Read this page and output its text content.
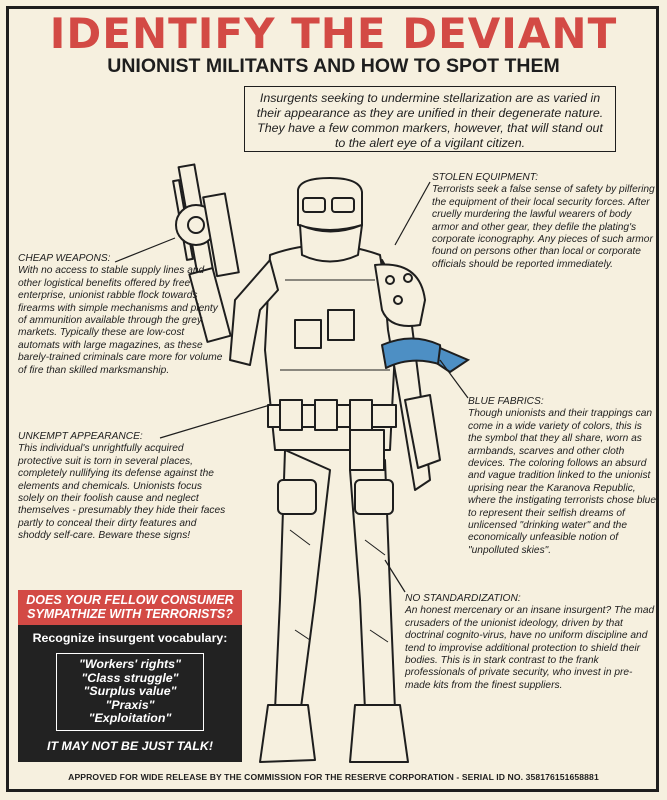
IDENTIFY THE DEVIANT
UNIONIST MILITANTS AND HOW TO SPOT THEM
Insurgents seeking to undermine stellarization are as varied in their appearance as they are unified in their degenerate nature. They have a few common markers, however, that will stand out to the alert eye of a vigilant citizen.
STOLEN EQUIPMENT:
Terrorists seek a false sense of safety by pilfering the equipment of their local security forces. After cruelly murdering the lawful wearers of body armor and other gear, they defile the plating's corporate iconography. Any pieces of such armor found on persons other than local or corporate officials should be reported immediately.
CHEAP WEAPONS:
With no access to stable supply lines and other logistical benefits offered by free enterprise, unionist rabble flock towards firearms with simple mechanisms and plenty of ammunition available through the grey markets. Typically these are low-cost automats with large magazines, as these barely-trained criminals care more for volume of fire than skilled marksmanship.
BLUE FABRICS:
Though unionists and their trappings can come in a wide variety of colors, this is the symbol that they all share, worn as armbands, scarves and other cloth devices. The coloring follows an absurd and vague tradition linked to the unionist uprising near the Karanova Republic, where the instigating terrorists chose blue to represent their selfish dreams of unlicensed "drinking water" and the economically unfeasible notion of "unpolluted skies".
UNKEMPT APPEARANCE:
This individual's unrightfully acquired protective suit is torn in several places, completely nullifying its defense against the elements and chemicals. Unionists focus solely on their foolish cause and neglect themselves - presumably they hide their faces partly to conceal their dirty features and shoddy self-care. Beware these signs!
NO STANDARDIZATION:
An honest mercenary or an insane insurgent? The mad crusaders of the unionist ideology, driven by that doctrinal cognito-virus, have no uniform discipline and tend to improvise additional protection to shield their bodies. This is in stark contrast to the frank professionals of private security, who invest in pre-made kits from the finest suppliers.
DOES YOUR FELLOW CONSUMER
SYMPATHIZE WITH TERRORISTS?
Recognize insurgent vocabulary:
"Workers' rights"
"Class struggle"
"Surplus value"
"Praxis"
"Exploitation"
IT MAY NOT BE JUST TALK!
APPROVED FOR WIDE RELEASE BY THE COMMISSION FOR THE RESERVE CORPORATION - SERIAL ID NO. 358176151658881
